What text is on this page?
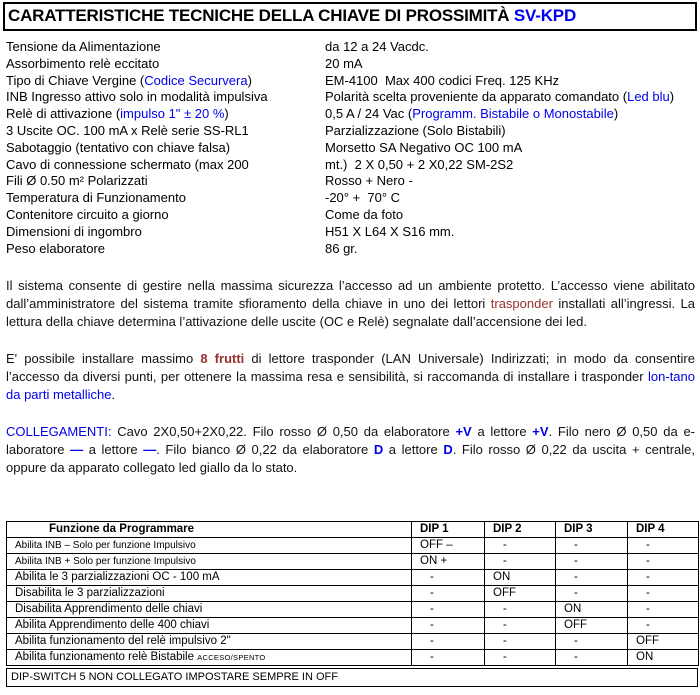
CARATTERISTICHE TECNICHE DELLA CHIAVE DI PROSSIMITÀ SV-KPD
Tensione da Alimentazione	da 12 a 24 Vacdc.
Assorbimento relè eccitato	20 mA
Tipo di Chiave Vergine (Codice Securvera)	EM-4100  Max 400 codici Freq. 125 KHz
INB Ingresso attivo solo in modalità impulsiva	Polarità scelta proveniente da apparato comandato (Led blu)
Relè di attivazione (impulso 1" ± 20 %)	0,5 A / 24 Vac (Programm. Bistabile o Monostabile)
3 Uscite OC. 100 mA x Relè serie SS-RL1	Parzializzazione (Solo Bistabili)
Sabotaggio (tentativo con chiave falsa)	Morsetto SA Negativo OC 100 mA
Cavo di connessione schermato (max 200	mt.)  2 X 0,50 + 2 X0,22 SM-2S2
Fili Ø 0.50 m² Polarizzati	Rosso + Nero -
Temperatura di Funzionamento	-20° +  70° C
Contenitore circuito a giorno	Come da foto
Dimensioni di ingombro	H51 X L64 X S16 mm.
Peso elaboratore	86 gr.
Il sistema consente di gestire nella massima sicurezza l’accesso ad un ambiente protetto. L’accesso viene abilitato dall’amministratore del sistema tramite sfioramento della chiave in uno dei lettori trasponder installati all’ingressi. La lettura della chiave determina l’attivazione delle uscite (OC e Relè) segnalate dall’accensione dei led.
E' possibile installare massimo 8 frutti di lettore trasponder (LAN Universale) Indirizzati; in modo da consentire l’accesso da diversi punti, per ottenere la massima resa e sensibilità, si raccomanda di installare i trasponder lon-tano da parti metalliche.
COLLEGAMENTI: Cavo 2X0,50+2X0,22. Filo rosso Ø 0,50 da elaboratore +V a lettore +V. Filo nero Ø 0,50 da e-laboratore — a lettore —. Filo bianco Ø 0,22 da elaboratore D a lettore D. Filo rosso Ø 0,22 da uscita + centrale, oppure da apparato collegato led giallo da lo stato.
Funzione da Programmare	DIP 1	DIP 2	DIP 3	DIP 4
Abilita INB – Solo per funzione Impulsivo	OFF –	-	-	-
Abilita INB + Solo per funzione Impulsivo	ON +	-	-	-
Abilita le 3 parzializzazioni OC - 100 mA	-	ON	-	-
Disabilita le 3 parzializzazioni	-	OFF	-	-
Disabilita Apprendimento delle chiavi	-	-	ON	-
Abilita Apprendimento delle 400 chiavi	-	-	OFF	-
Abilita funzionamento del relè impulsivo 2"	-	-	-	OFF
Abilita funzionamento relè Bistabile ACCESO/SPENTO	-	-	-	ON
DIP-SWITCH 5 NON COLLEGATO IMPOSTARE SEMPRE IN OFF
